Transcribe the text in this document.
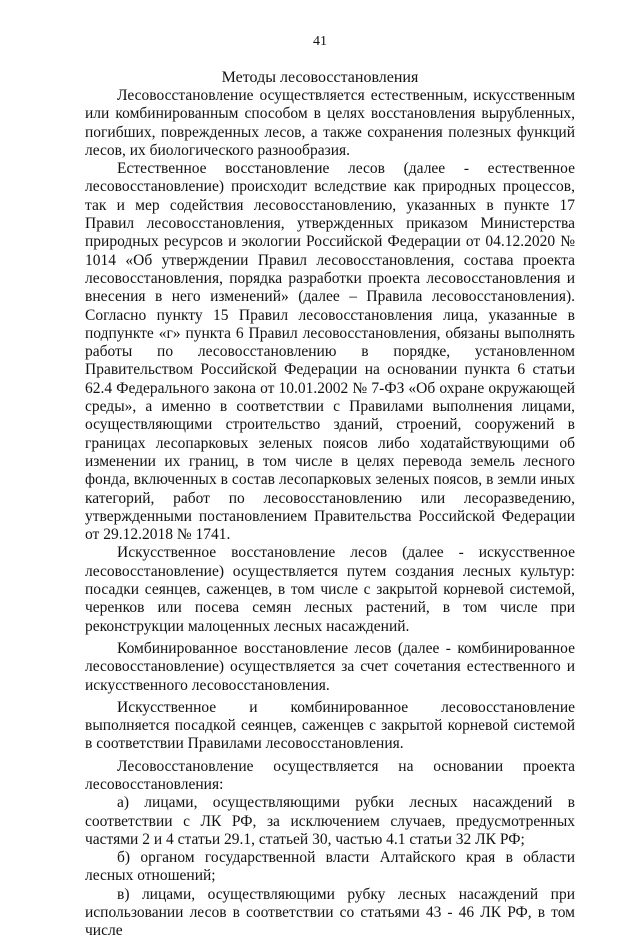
41
Методы лесовосстановления

Лесовосстановление осуществляется естественным, искусственным или комбинированным способом в целях восстановления вырубленных, погибших, поврежденных лесов, а также сохранения полезных функций лесов, их биологического разнообразия.

Естественное восстановление лесов (далее - естественное лесовосстановление) происходит вследствие как природных процессов, так и мер содействия лесовосстановлению, указанных в пункте 17 Правил лесовосстановления, утвержденных приказом Министерства природных ресурсов и экологии Российской Федерации от 04.12.2020 № 1014 «Об утверждении Правил лесовосстановления, состава проекта лесовосстановления, порядка разработки проекта лесовосстановления и внесения в него изменений» (далее – Правила лесовосстановления). Согласно пункту 15 Правил лесовосстановления лица, указанные в подпункте «г» пункта 6 Правил лесовосстановления, обязаны выполнять работы по лесовосстановлению в порядке, установленном Правительством Российской Федерации на основании пункта 6 статьи 62.4 Федерального закона от 10.01.2002 № 7-ФЗ «Об охране окружающей среды», а именно в соответствии с Правилами выполнения лицами, осуществляющими строительство зданий, строений, сооружений в границах лесопарковых зеленых поясов либо ходатайствующими об изменении их границ, в том числе в целях перевода земель лесного фонда, включенных в состав лесопарковых зеленых поясов, в земли иных категорий, работ по лесовосстановлению или лесоразведению, утвержденными постановлением Правительства Российской Федерации от 29.12.2018 № 1741.

Искусственное восстановление лесов (далее - искусственное лесовосстановление) осуществляется путем создания лесных культур: посадки сеянцев, саженцев, в том числе с закрытой корневой системой, черенков или посева семян лесных растений, в том числе при реконструкции малоценных лесных насаждений.

Комбинированное восстановление лесов (далее - комбинированное лесовосстановление) осуществляется за счет сочетания естественного и искусственного лесовосстановления.

Искусственное и комбинированное лесовосстановление выполняется посадкой сеянцев, саженцев с закрытой корневой системой в соответствии Правилами лесовосстановления.

Лесовосстановление осуществляется на основании проекта лесовосстановления:

а) лицами, осуществляющими рубки лесных насаждений в соответствии с ЛК РФ, за исключением случаев, предусмотренных частями 2 и 4 статьи 29.1, статьей 30, частью 4.1 статьи 32 ЛК РФ;

б) органом государственной власти Алтайского края в области лесных отношений;

в) лицами, осуществляющими рубку лесных насаждений при использовании лесов в соответствии со статьями 43 - 46 ЛК РФ, в том числе
